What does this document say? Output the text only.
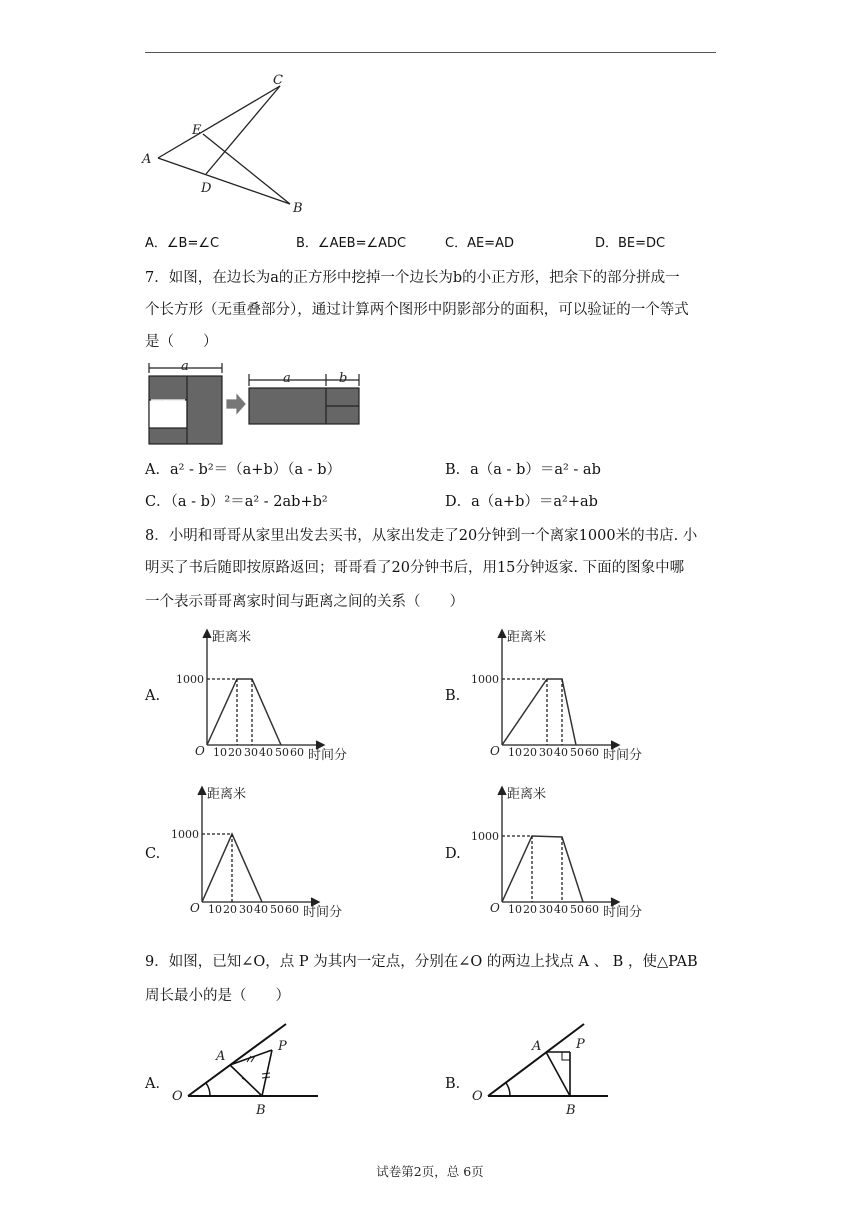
A
C
E
D
B
A．∠B=∠C	B．∠AEB=∠ADC	C．AE=AD	D．BE=DC
7．如图，在边长为a的正方形中挖掉一个边长为b的小正方形，把余下的部分拼成一
个长方形（无重叠部分），通过计算两个图形中阴影部分的面积，可以验证的一个等式
是（　　）
a
b
a	b
A．a² - b²＝（a+b）（a - b）	B．a（a - b）＝a² - ab
C．（a - b）²＝a² - 2ab+b²	D．a（a+b）＝a²+ab
8．小明和哥哥从家里出发去买书，从家出发走了20分钟到一个离家1000米的书店. 小
明买了书后随即按原路返回；哥哥看了20分钟书后，用15分钟返家. 下面的图象中哪
一个表示哥哥离家时间与距离之间的关系（　　）
A.
距离米
1000
O 10 20 30 40 50 60 时间分
B.
距离米
1000
O 10 20 30 40 50 60 时间分
C.
距离米
1000
O 10 20 30 40 50 60 时间分
D.
距离米
1000
O 10 20 30 40 50 60 时间分
9．如图，已知∠O，点 P 为其内一定点，分别在∠O 的两边上找点 A 、 B ，使△PAB
周长最小的是（　　）
A．
O
A
B
P
B．
O
A
B
P
试卷第2页，总 6页
